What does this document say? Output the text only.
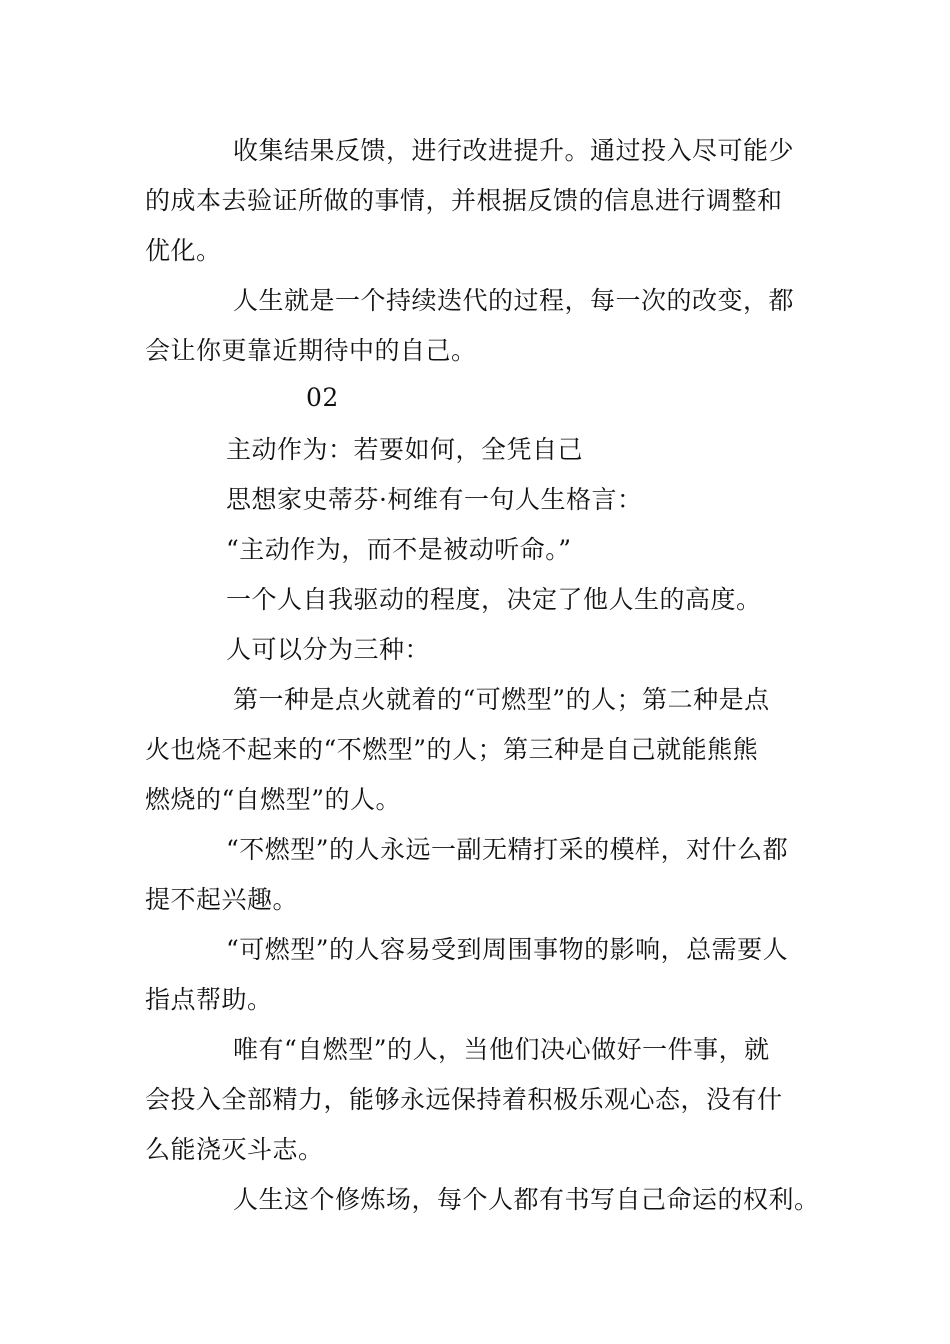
收集结果反馈，进行改进提升。通过投入尽可能少
的成本去验证所做的事情，并根据反馈的信息进行调整和
优化。
人生就是一个持续迭代的过程，每一次的改变，都
会让你更靠近期待中的自己。
02
主动作为：若要如何，全凭自己
思想家史蒂芬·柯维有一句人生格言：
“主动作为，而不是被动听命。”
一个人自我驱动的程度，决定了他人生的高度。
人可以分为三种：
第一种是点火就着的“可燃型”的人；第二种是点
火也烧不起来的“不燃型”的人；第三种是自己就能熊熊
燃烧的“自燃型”的人。
“不燃型”的人永远一副无精打采的模样，对什么都
提不起兴趣。
“可燃型”的人容易受到周围事物的影响，总需要人
指点帮助。
唯有“自燃型”的人，当他们决心做好一件事，就
会投入全部精力，能够永远保持着积极乐观心态，没有什
么能浇灭斗志。
人生这个修炼场，每个人都有书写自己命运的权利。
